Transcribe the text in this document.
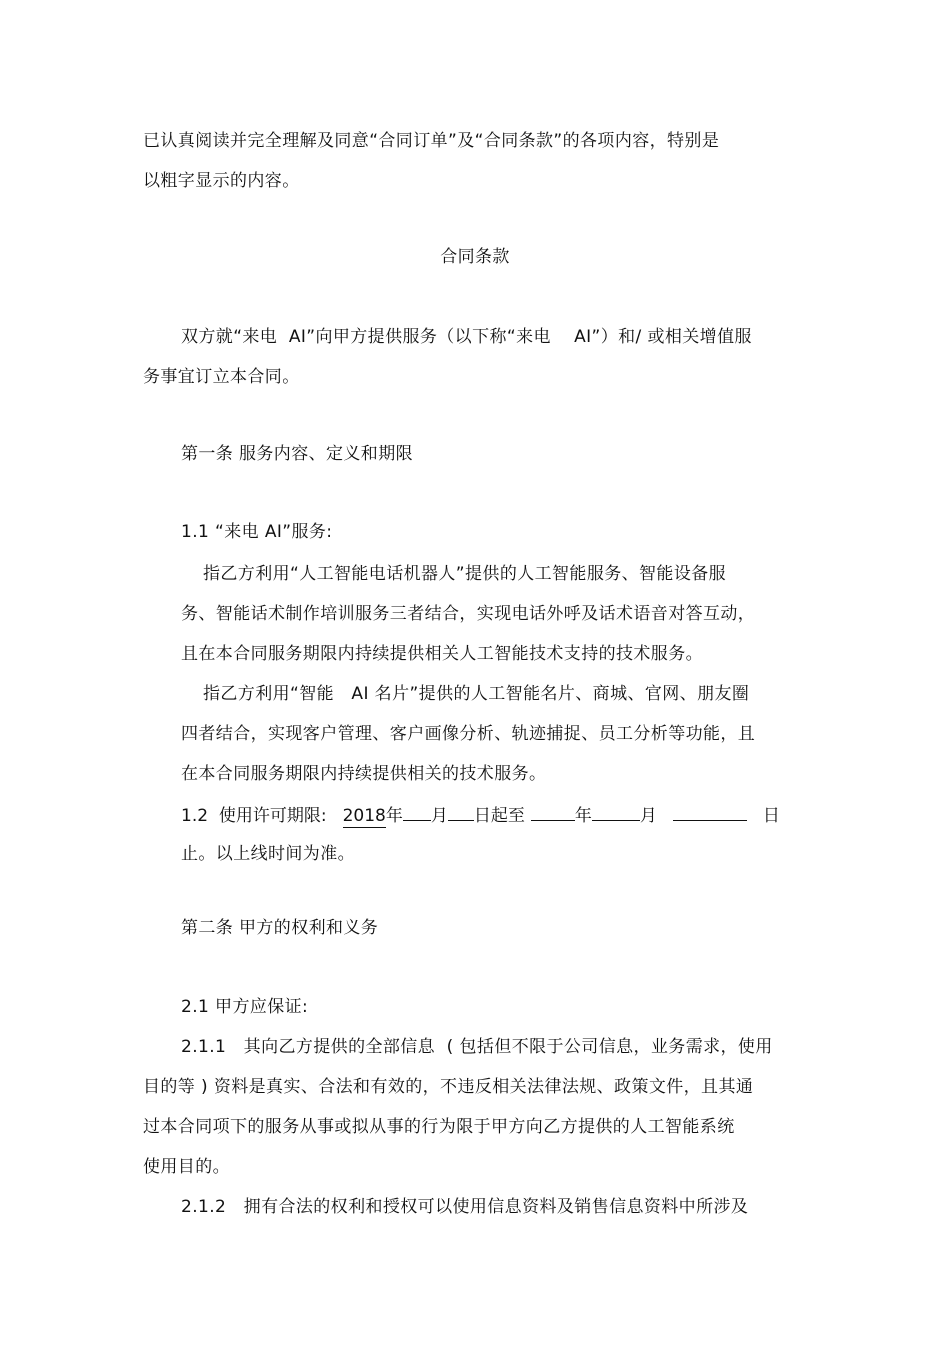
已认真阅读并完全理解及同意“合同订单”及“合同条款”的各项内容，特别是
以粗字显示的内容。
合同条款
双方就“来电  AI”向甲方提供服务（以下称“来电    AI”）和/ 或相关增值服
务事宜订立本合同。
第一条 服务内容、定义和期限
1.1 “来电 AI”服务:
指乙方利用“人工智能电话机器人”提供的人工智能服务、智能设备服
务、智能话术制作培训服务三者结合，实现电话外呼及话术语音对答互动，
且在本合同服务期限内持续提供相关人工智能技术支持的技术服务。
指乙方利用“智能   AI 名片”提供的人工智能名片、商城、官网、朋友圈
四者结合，实现客户管理、客户画像分析、轨迹捕捉、员工分析等功能，且
在本合同服务期限内持续提供相关的技术服务。
1.2  使用许可期限: 2018 年 月 日起至	年	月	日
止。以上线时间为准。
第二条 甲方的权利和义务
2.1 甲方应保证:
2.1.1   其向乙方提供的全部信息  ( 包括但不限于公司信息，业务需求，使用
目的等 ) 资料是真实、合法和有效的，不违反相关法律法规、政策文件，且其通
过本合同项下的服务从事或拟从事的行为限于甲方向乙方提供的人工智能系统
使用目的。
2.1.2   拥有合法的权利和授权可以使用信息资料及销售信息资料中所涉及
